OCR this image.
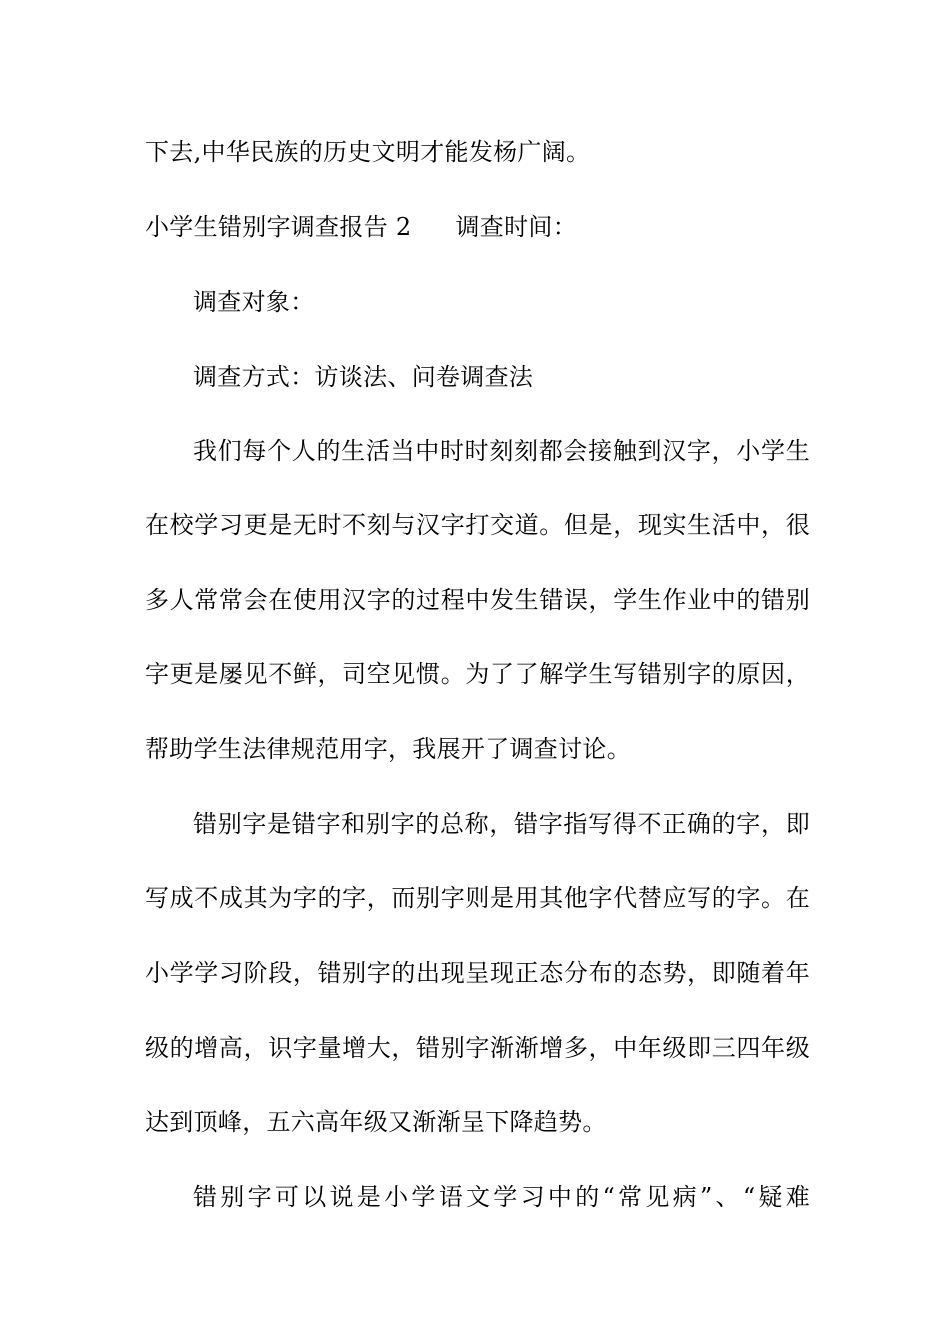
下去,中华民族的历史文明才能发杨广阔。
小学生错别字调查报告 2 调查时间：
调查对象：
调查方式：访谈法、问卷调查法
我们每个人的生活当中时时刻刻都会接触到汉字，小学生
在校学习更是无时不刻与汉字打交道。但是，现实生活中，很
多人常常会在使用汉字的过程中发生错误，学生作业中的错别
字更是屡见不鲜，司空见惯。为了了解学生写错别字的原因，
帮助学生法律规范用字，我展开了调查讨论。
错别字是错字和别字的总称，错字指写得不正确的字，即
写成不成其为字的字，而别字则是用其他字代替应写的字。在
小学学习阶段，错别字的出现呈现正态分布的态势，即随着年
级的增高，识字量增大，错别字渐渐增多，中年级即三四年级
达到顶峰，五六高年级又渐渐呈下降趋势。
错别字可以说是小学语文学习中的“常见病”、“疑难
